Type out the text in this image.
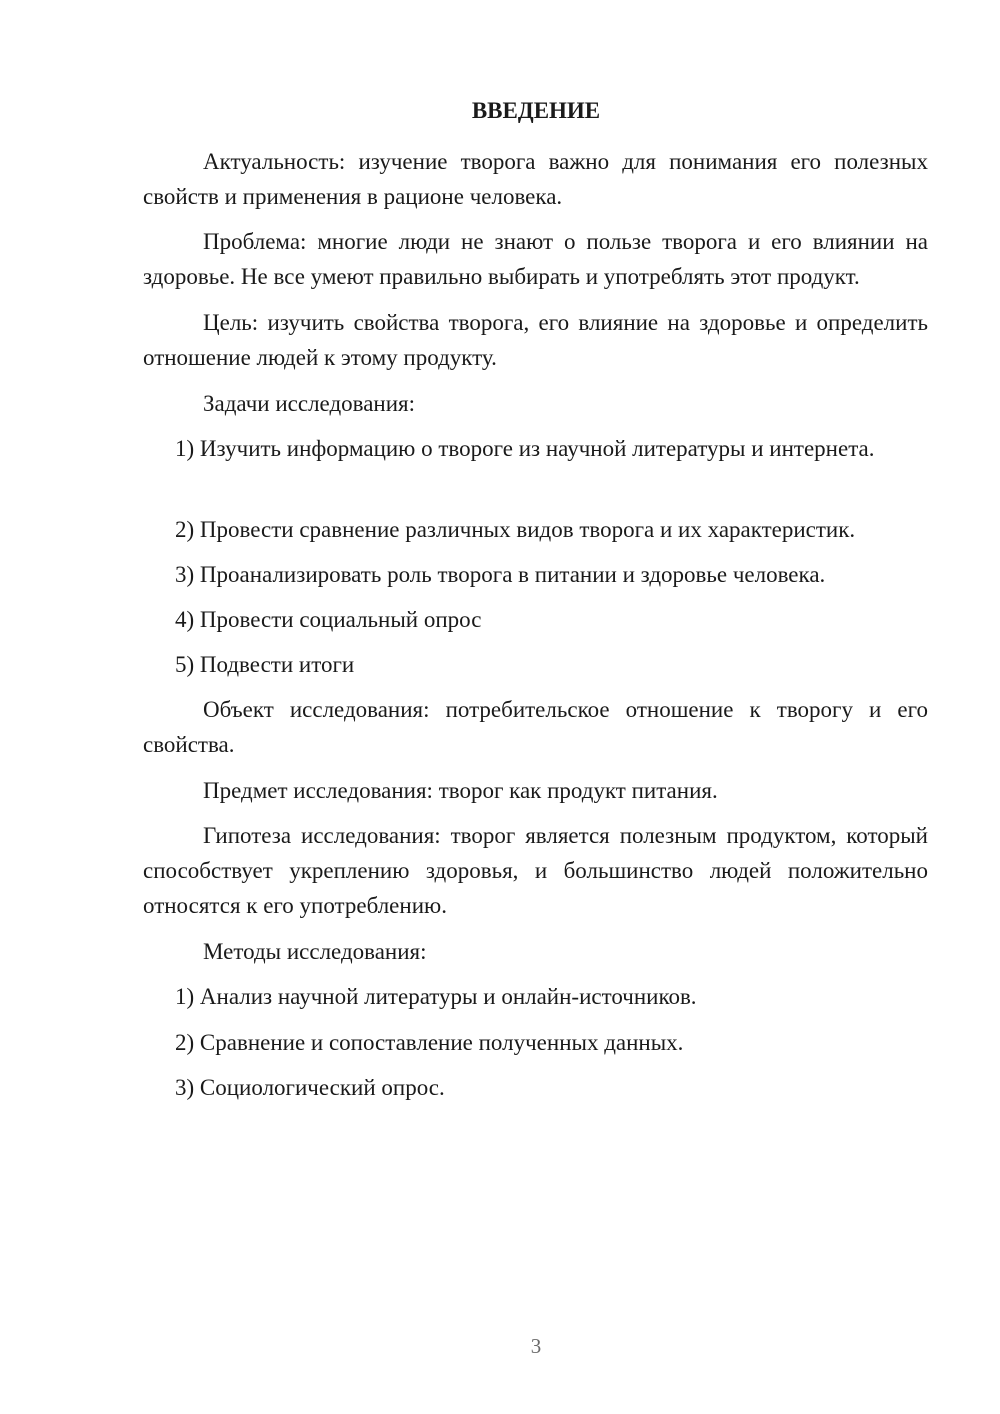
ВВЕДЕНИЕ

Актуальность: изучение творога важно для понимания его полезных свойств и применения в рационе человека.

Проблема: многие люди не знают о пользе творога и его влиянии на здоровье. Не все умеют правильно выбирать и употреблять этот продукт.

Цель: изучить свойства творога, его влияние на здоровье и определить отношение людей к этому продукту.

Задачи исследования:

1) Изучить информацию о твороге из научной литературы и интернета.

2) Провести сравнение различных видов творога и их характеристик.

3) Проанализировать роль творога в питании и здоровье человека.

4) Провести социальный опрос

5) Подвести итоги

Объект исследования: потребительское отношение к творогу и его свойства.

Предмет исследования: творог как продукт питания.

Гипотеза исследования: творог является полезным продуктом, который способствует укреплению здоровья, и большинство людей положительно относятся к его употреблению.

Методы исследования:

1) Анализ научной литературы и онлайн-источников.

2) Сравнение и сопоставление полученных данных.

3) Социологический опрос.

3
